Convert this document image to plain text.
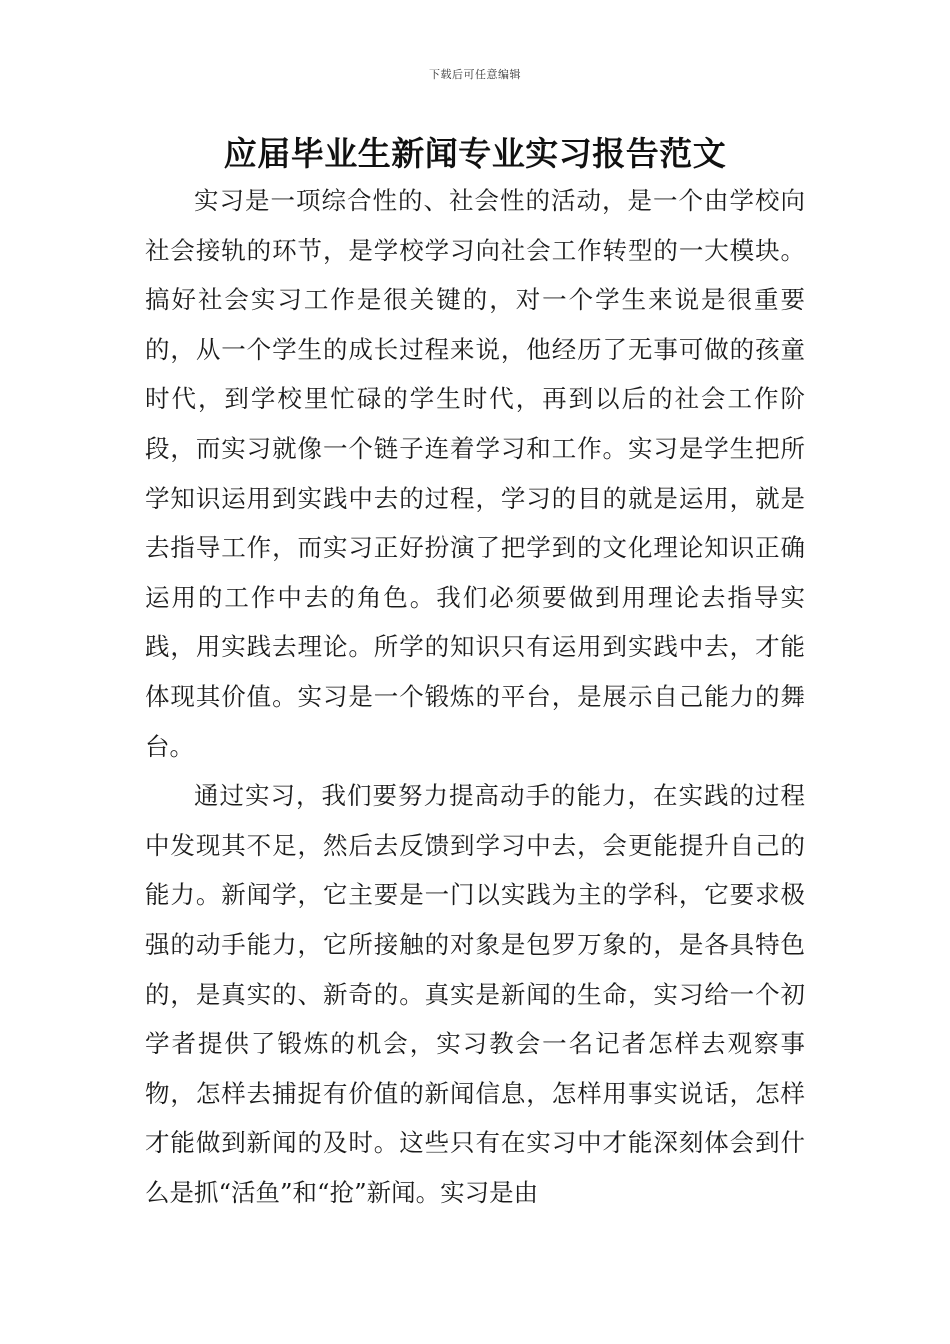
下载后可任意编辑
应届毕业生新闻专业实习报告范文

实习是一项综合性的、社会性的活动，是一个由学校向社会接轨的环节，是学校学习向社会工作转型的一大模块。搞好社会实习工作是很关键的，对一个学生来说是很重要的，从一个学生的成长过程来说，他经历了无事可做的孩童时代，到学校里忙碌的学生时代，再到以后的社会工作阶段，而实习就像一个链子连着学习和工作。实习是学生把所学知识运用到实践中去的过程，学习的目的就是运用，就是去指导工作，而实习正好扮演了把学到的文化理论知识正确运用的工作中去的角色。我们必须要做到用理论去指导实践，用实践去理论。所学的知识只有运用到实践中去，才能体现其价值。实习是一个锻炼的平台，是展示自己能力的舞台。

通过实习，我们要努力提高动手的能力，在实践的过程中发现其不足，然后去反馈到学习中去，会更能提升自己的能力。新闻学，它主要是一门以实践为主的学科，它要求极强的动手能力，它所接触的对象是包罗万象的，是各具特色的，是真实的、新奇的。真实是新闻的生命，实习给一个初学者提供了锻炼的机会，实习教会一名记者怎样去观察事物，怎样去捕捉有价值的新闻信息，怎样用事实说话，怎样才能做到新闻的及时。这些只有在实习中才能深刻体会到什么是抓“活鱼”和“抢”新闻。实习是由
